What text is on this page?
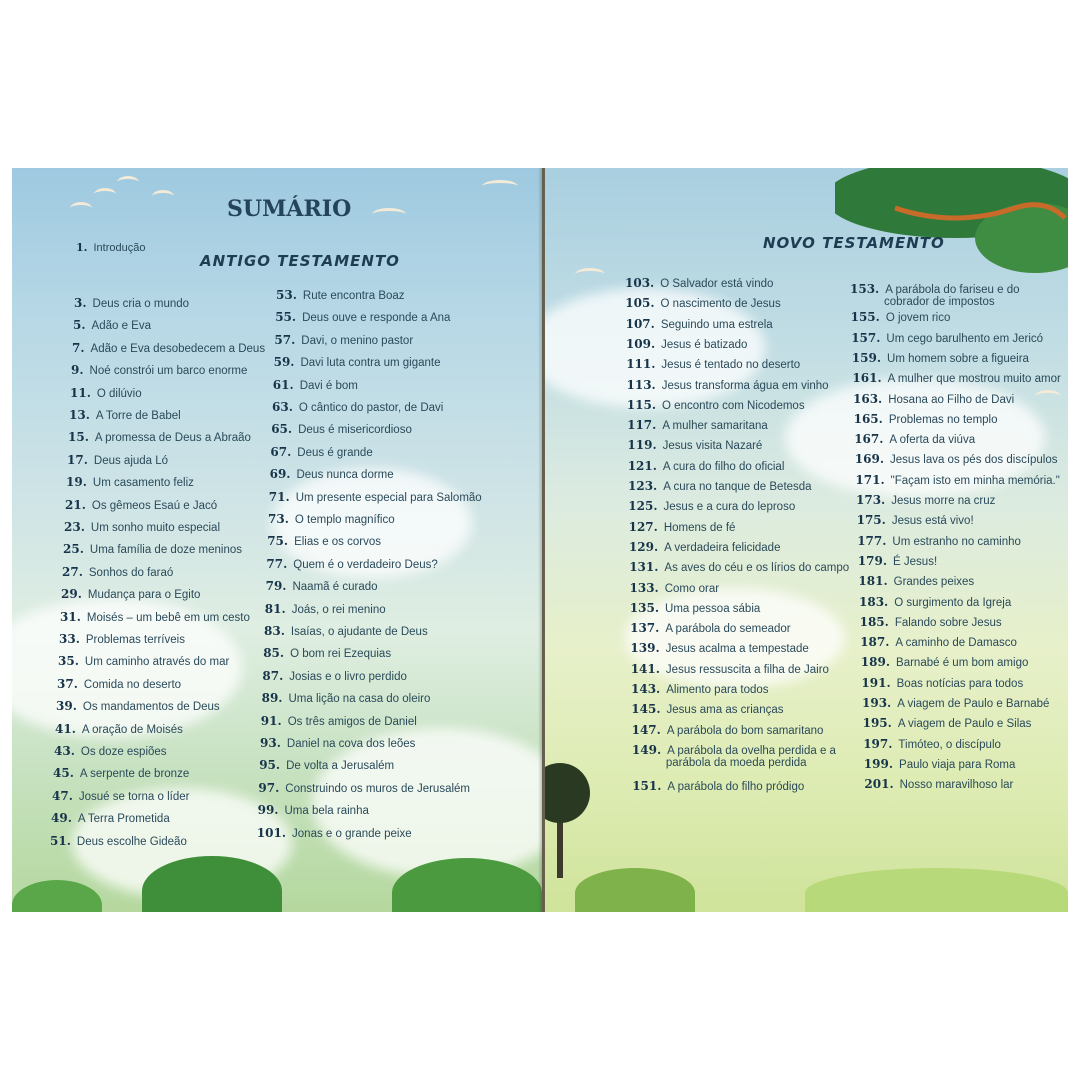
SUMÁRIO
1. Introdução
ANTIGO TESTAMENTO
3. Deus cria o mundo
5. Adão e Eva
7. Adão e Eva desobedecem a Deus
9. Noé constrói um barco enorme
11. O dilúvio
13. A Torre de Babel
15. A promessa de Deus a Abraão
17. Deus ajuda Ló
19. Um casamento feliz
21. Os gêmeos Esaú e Jacó
23. Um sonho muito especial
25. Uma família de doze meninos
27. Sonhos do faraó
29. Mudança para o Egito
31. Moisés – um bebê em um cesto
33. Problemas terríveis
35. Um caminho através do mar
37. Comida no deserto
39. Os mandamentos de Deus
41. A oração de Moisés
43. Os doze espiões
45. A serpente de bronze
47. Josué se torna o líder
49. A Terra Prometida
51. Deus escolhe Gideão
53. Rute encontra Boaz
55. Deus ouve e responde a Ana
57. Davi, o menino pastor
59. Davi luta contra um gigante
61. Davi é bom
63. O cântico do pastor, de Davi
65. Deus é misericordioso
67. Deus é grande
69. Deus nunca dorme
71. Um presente especial para Salomão
73. O templo magnífico
75. Elias e os corvos
77. Quem é o verdadeiro Deus?
79. Naamã é curado
81. Joás, o rei menino
83. Isaías, o ajudante de Deus
85. O bom rei Ezequias
87. Josias e o livro perdido
89. Uma lição na casa do oleiro
91. Os três amigos de Daniel
93. Daniel na cova dos leões
95. De volta a Jerusalém
97. Construindo os muros de Jerusalém
99. Uma bela rainha
101. Jonas e o grande peixe
NOVO TESTAMENTO
103. O Salvador está vindo
105. O nascimento de Jesus
107. Seguindo uma estrela
109. Jesus é batizado
111. Jesus é tentado no deserto
113. Jesus transforma água em vinho
115. O encontro com Nicodemos
117. A mulher samaritana
119. Jesus visita Nazaré
121. A cura do filho do oficial
123. A cura no tanque de Betesda
125. Jesus e a cura do leproso
127. Homens de fé
129. A verdadeira felicidade
131. As aves do céu e os lírios do campo
133. Como orar
135. Uma pessoa sábia
137. A parábola do semeador
139. Jesus acalma a tempestade
141. Jesus ressuscita a filha de Jairo
143. Alimento para todos
145. Jesus ama as crianças
147. A parábola do bom samaritano
149. A parábola da ovelha perdida e a
parábola da moeda perdida
151. A parábola do filho pródigo
153. A parábola do fariseu e do
cobrador de impostos
155. O jovem rico
157. Um cego barulhento em Jericó
159. Um homem sobre a figueira
161. A mulher que mostrou muito amor
163. Hosana ao Filho de Davi
165. Problemas no templo
167. A oferta da viúva
169. Jesus lava os pés dos discípulos
171. "Façam isto em minha memória."
173. Jesus morre na cruz
175. Jesus está vivo!
177. Um estranho no caminho
179. É Jesus!
181. Grandes peixes
183. O surgimento da Igreja
185. Falando sobre Jesus
187. A caminho de Damasco
189. Barnabé é um bom amigo
191. Boas notícias para todos
193. A viagem de Paulo e Barnabé
195. A viagem de Paulo e Silas
197. Timóteo, o discípulo
199. Paulo viaja para Roma
201. Nosso maravilhoso lar
